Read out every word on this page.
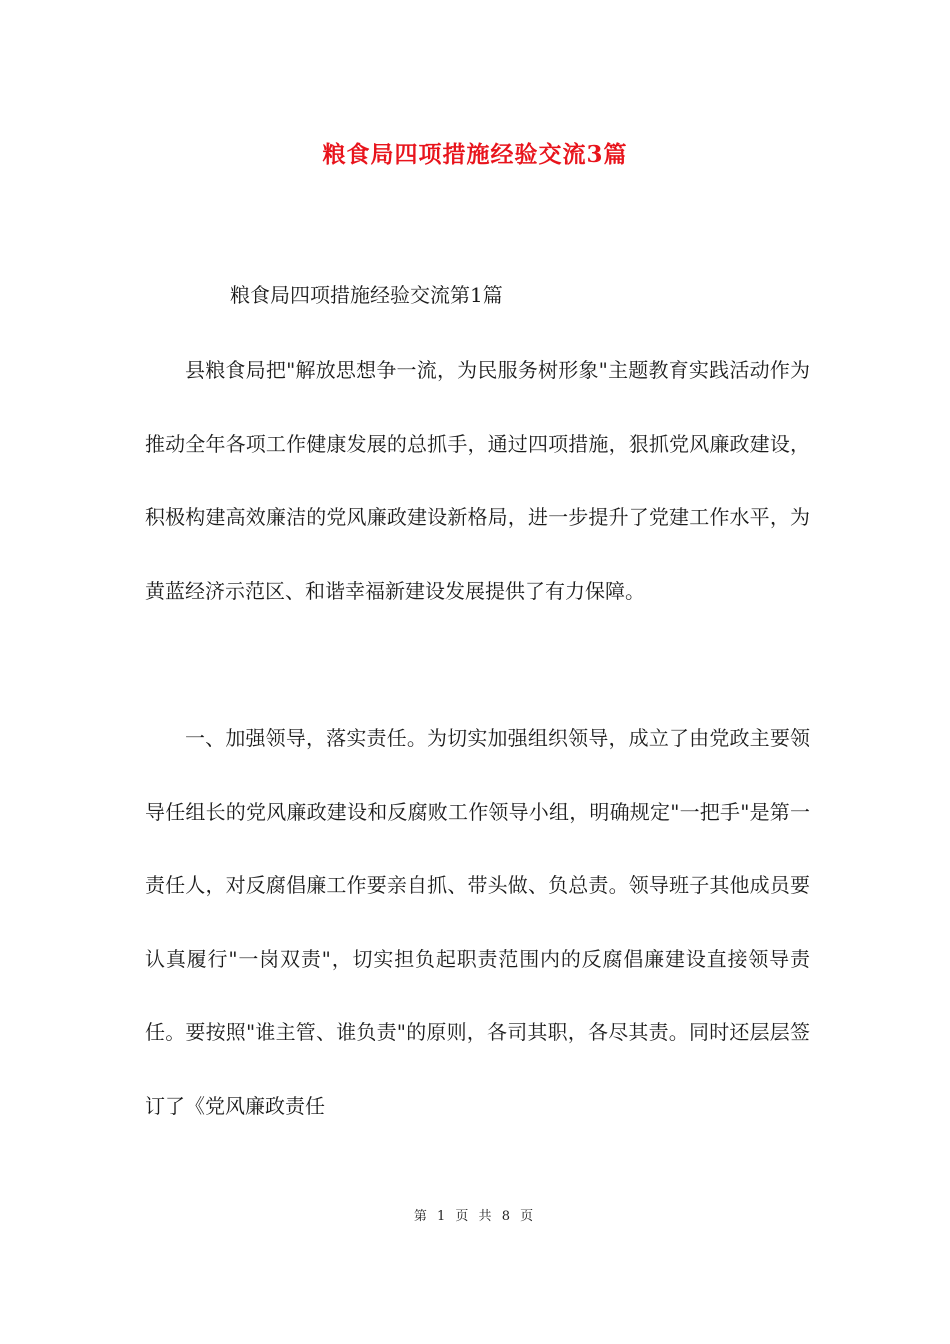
粮食局四项措施经验交流3篇

粮食局四项措施经验交流第1篇

县粮食局把"解放思想争一流，为民服务树形象"主题教育实践活动作为推动全年各项工作健康发展的总抓手，通过四项措施，狠抓党风廉政建设，积极构建高效廉洁的党风廉政建设新格局，进一步提升了党建工作水平，为黄蓝经济示范区、和谐幸福新建设发展提供了有力保障。

一、加强领导，落实责任。为切实加强组织领导，成立了由党政主要领导任组长的党风廉政建设和反腐败工作领导小组，明确规定"一把手"是第一责任人，对反腐倡廉工作要亲自抓、带头做、负总责。领导班子其他成员要认真履行"一岗双责"，切实担负起职责范围内的反腐倡廉建设直接领导责任。要按照"谁主管、谁负责"的原则，各司其职，各尽其责。同时还层层签订了《党风廉政责任

第 1 页 共 8 页
